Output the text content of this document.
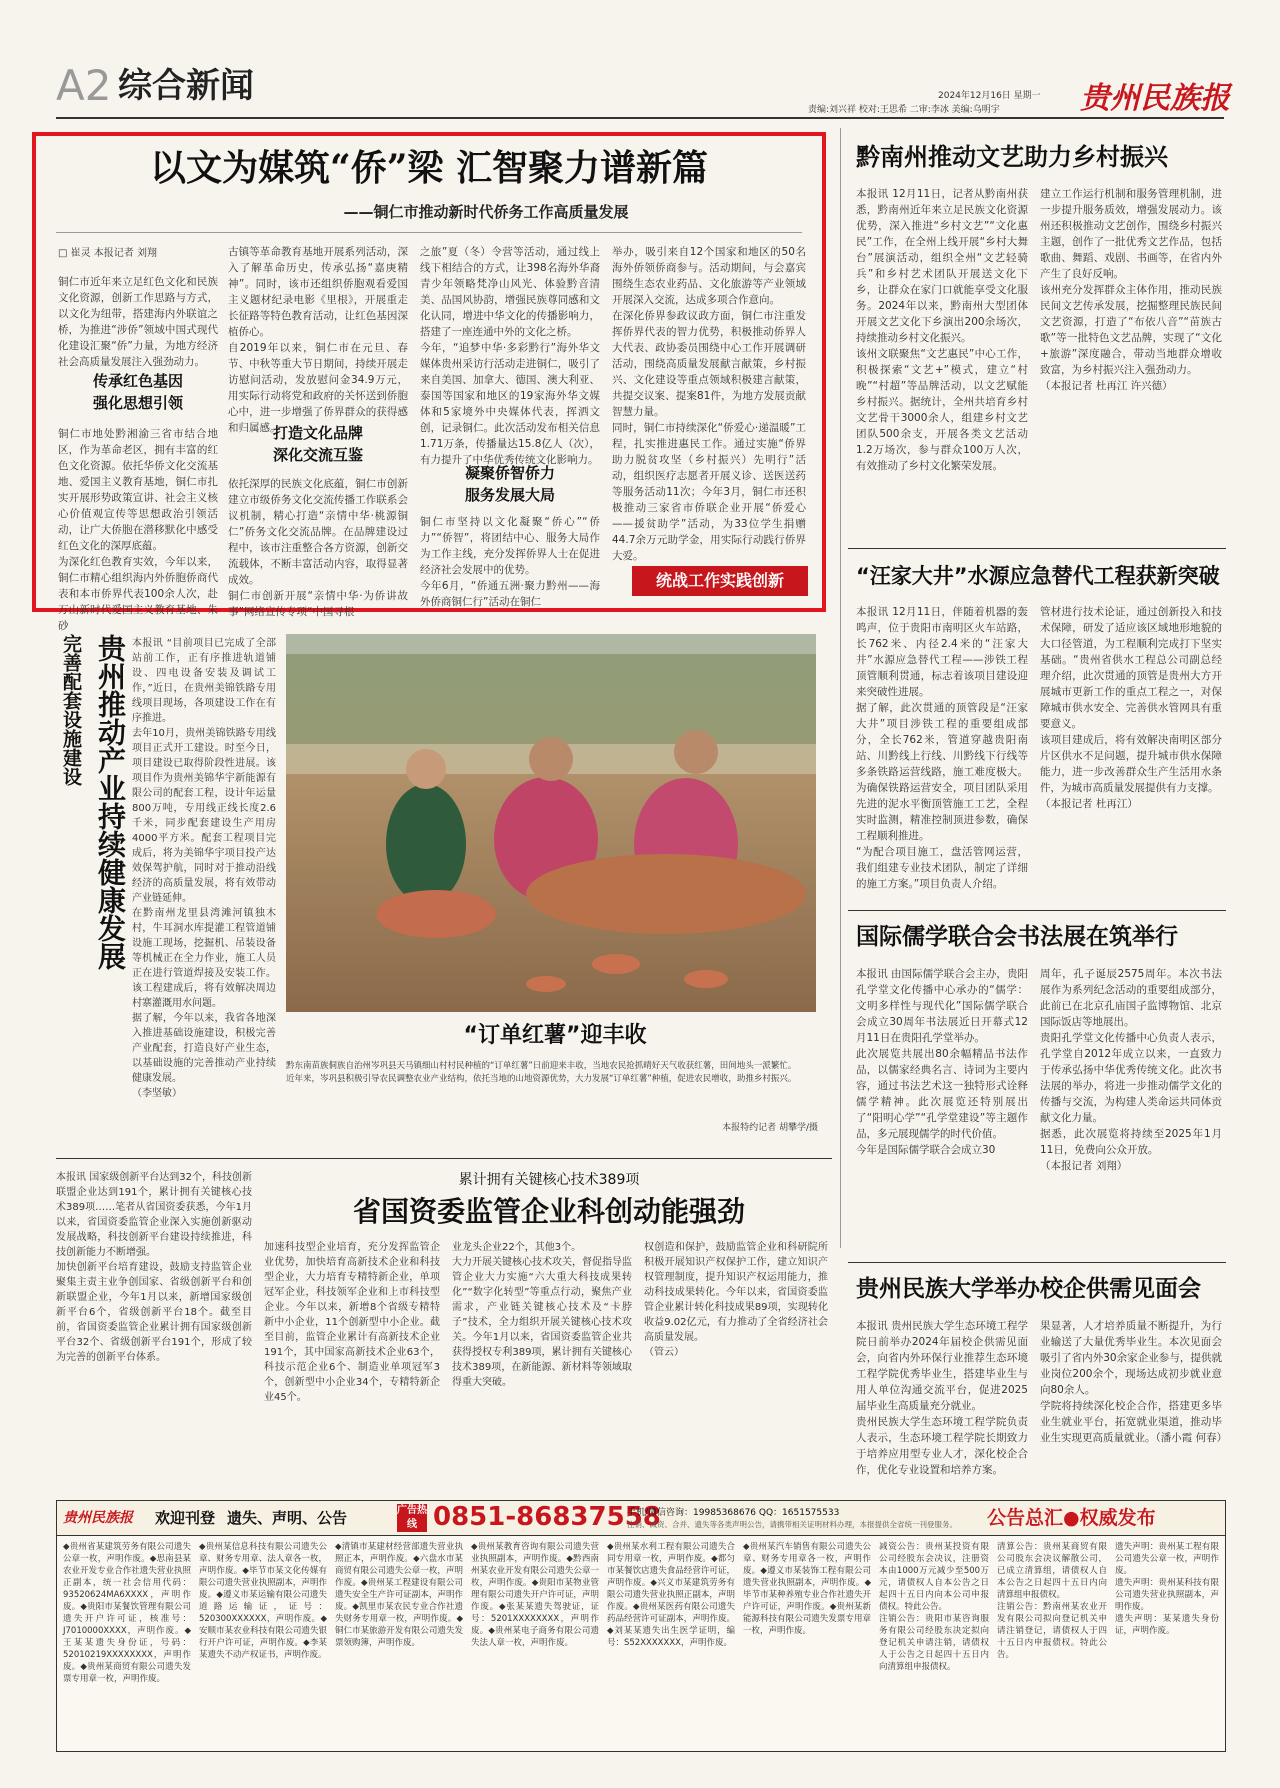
A2 综合新闻
责编:刘兴祥 校对:王思希 二审:李冰 美编:乌明宇
2024年12月16日 星期一 贵州民族报
以文为媒筑“侨”梁 汇智聚力谱新篇
——铜仁市推动新时代侨务工作高质量发展
□ 崔灵 本报记者 刘翔
铜仁市近年来立足红色文化和民族文化资源，创新工作思路与方式，以文化为纽带，搭建海内外联谊之桥，为推进“涉侨”领域中国式现代化建设汇聚“侨”力量，为地方经济社会高质量发展注入强劲动力。
传承红色基因
强化思想引领
铜仁市地处黔湘渝三省市结合地区，作为革命老区，拥有丰富的红色文化资源。依托华侨文化交流基地、爱国主义教育基地，铜仁市扎实开展形势政策宣讲、社会主义核心价值观宣传等思想政治引领活动，让广大侨胞在潜移默化中感受红色文化的深厚底蕴。
为深化红色教育实效，今年以来，铜仁市精心组织海内外侨胞侨商代表和本市侨界代表100余人次，赴万山新时代爱国主义教育基地、朱砂
古镇等革命教育基地开展系列活动，深入了解革命历史，传承弘扬“嘉庚精神”。同时，该市还组织侨胞观看爱国主义题材纪录电影《里根》，开展重走长征路等特色教育活动，让红色基因深植侨心。
自2019年以来，铜仁市在元旦、春节、中秋等重大节日期间，持续开展走访慰问活动，发放慰问金34.9万元，用实际行动将党和政府的关怀送到侨胞心中，进一步增强了侨界群众的获得感和归属感。
打造文化品牌
深化交流互鉴
依托深厚的民族文化底蕴，铜仁市创新建立市级侨务文化交流传播工作联系会议机制，精心打造“亲情中华·桃源铜仁”侨务文化交流品牌。在品牌建设过程中，该市注重整合各方资源，创新交流载体，不断丰富活动内容，取得显著成效。
铜仁市创新开展“亲情中华·为侨讲故事”网络宣传专项“中国寻根
之旅”夏（冬）令营等活动，通过线上线下相结合的方式，让398名海外华裔青少年领略梵净山风光、体验黔音清美、品国风协韵，增强民族尊同感和文化认同，增进中华文化的传播影响力，搭建了一座连通中外的文化之桥。
今年，“追梦中华·多彩黔行”海外华文媒体贵州采访行活动走进铜仁，吸引了来自美国、加拿大、德国、澳大利亚、泰国等国家和地区的19家海外华文媒体和5家境外中央媒体代表，挥洒文创，记录铜仁。此次活动发布相关信息1.71万条，传播量达15.8亿人（次），有力提升了中华优秀传统文化影响力。
凝聚侨智侨力
服务发展大局
铜仁市坚持以文化凝聚“侨心”“侨力”“侨智”，将团结中心、服务大局作为工作主线，充分发挥侨界人士在促进经济社会发展中的优势。
今年6月，“侨通五洲·聚力黔州——海外侨商铜仁行”活动在铜仁
举办，吸引来自12个国家和地区的50名海外侨领侨商参与。活动期间，与会嘉宾围绕生态农业药品、文化旅游等产业领域开展深入交流，达成多项合作意向。
在深化侨界参政议政方面，铜仁市注重发挥侨界代表的智力优势，积极推动侨界人大代表、政协委员围绕中心工作开展调研活动，围绕高质量发展献言献策，乡村振兴、文化建设等重点领域积极建言献策，共提交议案、提案81件，为地方发展贡献智慧力量。
同时，铜仁市持续深化“侨爱心·递温暖”工程，扎实推进惠民工作。通过实施“侨界助力脱贫攻坚（乡村振兴）先明行”活动，组织医疗志愿者开展义诊、送医送药等服务活动11次；今年3月，铜仁市还积极推动三家省市侨联企业开展“侨爱心——援贫助学”活动，为33位学生捐赠44.7余万元助学金，用实际行动践行侨界大爱。
统战工作实践创新
黔南州推动文艺助力乡村振兴
本报讯 12月11日，记者从黔南州获悉，黔南州近年来立足民族文化资源优势，深入推进“乡村文艺”“文化惠民”工作，在全州上线开展“乡村大舞台”展演活动，组织全州“文艺轻骑兵”和乡村艺术团队开展送文化下乡，让群众在家门口就能享受文化服务。2024年以来，黔南州大型团体开展文艺文化下乡演出200余场次，持续推动乡村文化振兴。
该州文联聚焦“文艺惠民”中心工作，积极探索“文艺+”模式，建立“村晚”“村超”等品牌活动，以文艺赋能乡村振兴。据统计，全州共培育乡村文艺骨干3000余人，组建乡村文艺团队500余支，开展各类文艺活动1.2万场次，参与群众100万人次，有效推动了乡村文化繁荣发展。
建立工作运行机制和服务管理机制，进一步提升服务质效，增强发展动力。该州还积极推动文艺创作，围绕乡村振兴主题，创作了一批优秀文艺作品，包括歌曲、舞蹈、戏剧、书画等，在省内外产生了良好反响。
该州充分发挥群众主体作用，推动民族民间文艺传承发展，挖掘整理民族民间文艺资源，打造了“布依八音”“苗族古歌”等一批特色文艺品牌，实现了“文化+旅游”深度融合，带动当地群众增收致富，为乡村振兴注入强劲动力。
（本报记者 杜再江 许兴德）
“汪家大井”水源应急替代工程获新突破
本报讯 12月11日，伴随着机器的轰鸣声，位于贵阳市南明区火车站路，长762米、内径2.4米的“汪家大井”水源应急替代工程——涉铁工程顶管顺利贯通，标志着该项目建设迎来突破性进展。
据了解，此次贯通的顶管段是“汪家大井”项目涉铁工程的重要组成部分，全长762米，管道穿越贵阳南站、川黔线上行线、川黔线下行线等多条铁路运营线路，施工难度极大。为确保铁路运营安全，项目团队采用先进的泥水平衡顶管施工工艺，全程实时监测，精准控制顶进参数，确保工程顺利推进。
“为配合项目施工，盘活管网运营，我们组建专业技术团队，制定了详细的施工方案。”项目负责人介绍。
管材进行技术论证，通过创新投入和技术保障，研发了适应该区域地形地貌的大口径管道，为工程顺利完成打下坚实基础。“贵州省供水工程总公司副总经理介绍，此次贯通的顶管是贵州大方开展城市更新工作的重点工程之一，对保障城市供水安全、完善供水管网具有重要意义。
该项目建成后，将有效解决南明区部分片区供水不足问题，提升城市供水保障能力，进一步改善群众生产生活用水条件，为城市高质量发展提供有力支撑。
（本报记者 杜再江）
国际儒学联合会书法展在筑举行
本报讯 由国际儒学联合会主办，贵阳孔学堂文化传播中心承办的“儒学：文明多样性与现代化”国际儒学联合会成立30周年书法展近日开幕式12月11日在贵阳孔学堂举办。
此次展览共展出80余幅精品书法作品，以儒家经典名言、诗词为主要内容，通过书法艺术这一独特形式诠释儒学精神。此次展览还特别展出了“阳明心学”“孔学堂建设”等主题作品，多元展现儒学的时代价值。
今年是国际儒学联合会成立30
周年，孔子诞辰2575周年。本次书法展作为系列纪念活动的重要组成部分，此前已在北京孔庙国子监博物馆、北京国际饭店等地展出。
贵阳孔学堂文化传播中心负责人表示，孔学堂自2012年成立以来，一直致力于传承弘扬中华优秀传统文化。此次书法展的举办，将进一步推动儒学文化的传播与交流，为构建人类命运共同体贡献文化力量。
据悉，此次展览将持续至2025年1月11日，免费向公众开放。
（本报记者 刘翔）
贵州民族大学举办校企供需见面会
本报讯 贵州民族大学生态环境工程学院日前举办2024年届校企供需见面会，向省内外环保行业推荐生态环境工程学院优秀毕业生，搭建毕业生与用人单位沟通交流平台，促进2025届毕业生高质量充分就业。
贵州民族大学生态环境工程学院负责人表示，生态环境工程学院长期致力于培养应用型专业人才，深化校企合作，优化专业设置和培养方案。
果显著，人才培养质量不断提升，为行业输送了大量优秀毕业生。本次见面会吸引了省内外30余家企业参与，提供就业岗位200余个，现场达成初步就业意向80余人。
学院将持续深化校企合作，搭建更多毕业生就业平台，拓宽就业渠道，推动毕业生实现更高质量就业。（潘小霞 何春）
完善配套设施建设 贵州推动产业持续健康发展 本报讯 “目前项目已完成了全部站前工作，正有序推进轨道铺设、四电设备安装及调试工作，”近日，在贵州美锦铁路专用线项目现场，各项建设工作在有序推进。
去年10月，贵州美锦铁路专用线项目正式开工建设。时至今日，项目建设已取得阶段性进展。该项目作为贵州美锦华宇新能源有限公司的配套工程，设计年运量800万吨，专用线正线长度2.6千米，同步配套建设生产用房4000平方米。配套工程项目完成后，将为美锦华宇项目投产达效保驾护航，同时对于推动沿线经济的高质量发展，将有效带动产业链延伸。
在黔南州龙里县湾滩河镇独木村，牛耳洞水库提灌工程管道铺设施工现场，挖掘机、吊装设备等机械正在全力作业，施工人员正在进行管道焊接及安装工作。该工程建成后，将有效解决周边村寨灌溉用水问题。
据了解，今年以来，我省各地深入推进基础设施建设，积极完善产业配套，打造良好产业生态，以基础设施的完善推动产业持续健康发展。
（李坚敏）
“订单红薯”迎丰收
黔东南苗族侗族自治州岑巩县天马镇细山村村民种植的“订单红薯”日前迎来丰收，当地农民抢抓晴好天气收获红薯，田间地头一派繁忙。
近年来，岑巩县积极引导农民调整农业产业结构，依托当地的山地资源优势，大力发展“订单红薯”种植，促进农民增收，助推乡村振兴。
本报特约记者 胡攀学/摄
本报讯 国家级创新平台达到32个，科技创新联盟企业达到191个，累计拥有关键核心技术389项……笔者从省国资委获悉，今年1月以来，省国资委监管企业深入实施创新驱动发展战略，科技创新平台建设持续推进，科技创新能力不断增强。
加快创新平台培育建设，鼓励支持监管企业聚集主责主业争创国家、省级创新平台和创新联盟企业，今年1月以来，新增国家级创新平台6个，省级创新平台18个。截至目前，省国资委监管企业累计拥有国家级创新平台32个、省级创新平台191个，形成了较为完善的创新平台体系。
累计拥有关键核心技术389项
省国资委监管企业科创动能强劲
加速科技型企业培育，充分发挥监管企业优势，加快培育高新技术企业和科技型企业，大力培育专精特新企业，单项冠军企业，科技领军企业和上市科技型企业。今年以来，新增8个省级专精特新中小企业，11个创新型中小企业。截至目前，监管企业累计有高新技术企业191个，其中国家高新技术企业63个，科技示范企业6个、制造业单项冠军3个，创新型中小企业34个，专精特新企业45个。
业龙头企业22个，其他3个。
大力开展关键核心技术攻关，督促指导监管企业大力实施“六大重大科技成果转化”“数字化转型”等重点行动，聚焦产业需求，产业链关键核心技术及“卡脖子”技术，全力组织开展关键核心技术攻关。今年1月以来，省国资委监管企业共获得授权专利389项，累计拥有关键核心技术389项，在新能源、新材料等领域取得重大突破。
权创造和保护，鼓励监管企业和科研院所积极开展知识产权保护工作，建立知识产权管理制度，提升知识产权运用能力，推动科技成果转化。今年以来，省国资委监管企业累计转化科技成果89项，实现转化收益9.02亿元，有力推动了全省经济社会高质量发展。
（管云）
贵州民族报 欢迎刊登 遗失、声明、公告	广告热线 0851-86837558
手机/微信咨询：19985368676 QQ：1651575533
注销、减资、合并、遗失等各类声明公告，请携带相关证明材料办理，本报提供全省统一刊登服务。	公告总汇●权威发布
◆贵州省某建筑劳务有限公司遗失公章一枚，声明作废。◆思南县某农业开发专业合作社遗失营业执照正副本，统一社会信用代码：93520624MA6XXXX，声明作废。◆贵阳市某餐饮管理有限公司遗失开户许可证，核准号：J7010000XXXX，声明作废。◆王某某遗失身份证，号码：52010219XXXXXXXX，声明作废。◆贵州某商贸有限公司遗失发票专用章一枚，声明作废。
◆贵州某信息科技有限公司遗失公章、财务专用章、法人章各一枚，声明作废。◆毕节市某文化传媒有限公司遗失营业执照副本，声明作废。◆遵义市某运输有限公司遗失道路运输证，证号：520300XXXXXX，声明作废。◆安顺市某农业科技有限公司遗失银行开户许可证，声明作废。◆李某某遗失不动产权证书，声明作废。
◆清镇市某建材经营部遗失营业执照正本，声明作废。◆六盘水市某商贸有限公司遗失公章一枚，声明作废。◆贵州某工程建设有限公司遗失安全生产许可证副本，声明作废。◆凯里市某农民专业合作社遗失财务专用章一枚，声明作废。◆铜仁市某旅游开发有限公司遗失发票领购簿，声明作废。
◆贵州某教育咨询有限公司遗失营业执照副本，声明作废。◆黔西南州某农业开发有限公司遗失公章一枚，声明作废。◆贵阳市某物业管理有限公司遗失开户许可证，声明作废。◆张某某遗失驾驶证，证号：5201XXXXXXXX，声明作废。◆贵州某电子商务有限公司遗失法人章一枚，声明作废。
◆贵州某水利工程有限公司遗失合同专用章一枚，声明作废。◆都匀市某餐饮店遗失食品经营许可证，声明作废。◆兴义市某建筑劳务有限公司遗失营业执照正副本，声明作废。◆贵州某医药有限公司遗失药品经营许可证副本，声明作废。◆刘某某遗失出生医学证明，编号：S52XXXXXXX，声明作废。
◆贵州某汽车销售有限公司遗失公章、财务专用章各一枚，声明作废。◆遵义市某装饰工程有限公司遗失营业执照副本，声明作废。◆毕节市某种养殖专业合作社遗失开户许可证，声明作废。◆贵州某新能源科技有限公司遗失发票专用章一枚，声明作废。
减资公告：贵州某投资有限公司经股东会决议，注册资本由1000万元减少至500万元，请债权人自本公告之日起四十五日内向本公司申报债权。特此公告。
注销公告：贵阳市某咨询服务有限公司经股东决定拟向登记机关申请注销，请债权人于公告之日起四十五日内向清算组申报债权。
清算公告：贵州某商贸有限公司股东会决议解散公司，已成立清算组，请债权人自本公告之日起四十五日内向清算组申报债权。
注销公告：黔南州某农业开发有限公司拟向登记机关申请注销登记，请债权人于四十五日内申报债权。特此公告。
遗失声明：贵州某工程有限公司遗失公章一枚，声明作废。
遗失声明：贵州某科技有限公司遗失营业执照副本，声明作废。
遗失声明：某某遗失身份证，声明作废。
